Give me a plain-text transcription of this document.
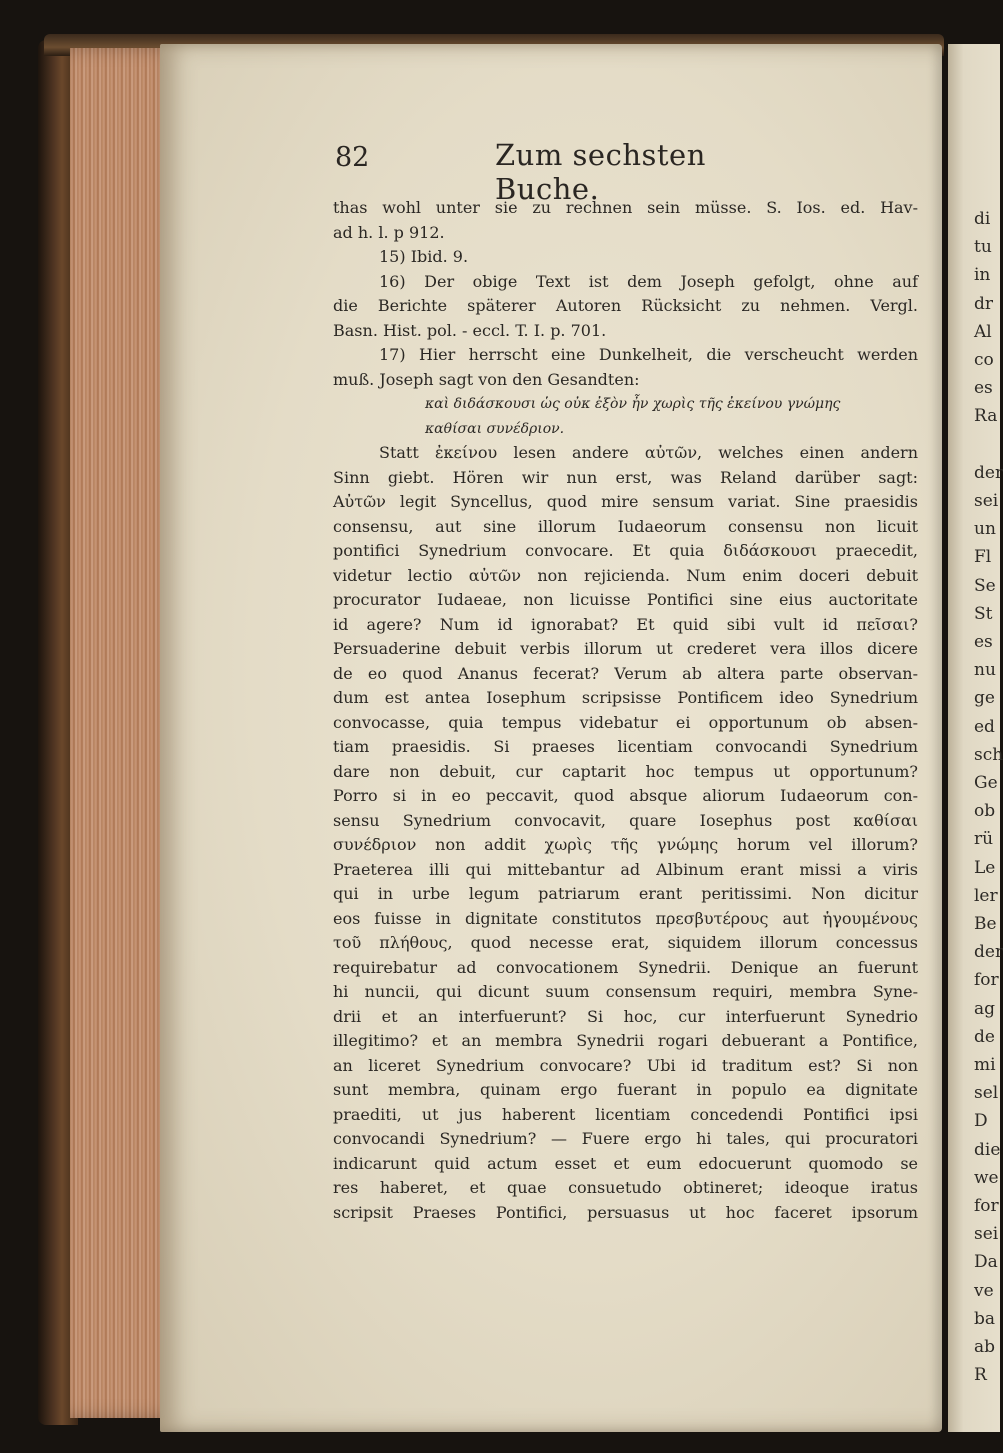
di
tu
in
dr
Al
co
es
Ra
der
sei
un
Fl
Se
St
es
nu
ge
ed
sch
Ge
ob
rü
Le
ler
Be
der
for
ag
de
mi
sel
D
die
we
for
sei
Da
ve
ba
ab
R
82	Zum sechsten Buche.
thas wohl unter sie zu rechnen sein müsse. S. Ios. ed. Hav-
ad h. l. p 912.
15) Ibid. 9.
16) Der obige Text ist dem Joseph gefolgt, ohne auf
die Berichte späterer Autoren Rücksicht zu nehmen. Vergl.
Basn. Hist. pol. - eccl. T. I. p. 701.
17) Hier herrscht eine Dunkelheit, die verscheucht werden
muß. Joseph sagt von den Gesandten:
καὶ διδάσκουσι ὡς οὐκ ἐξὸν ἦν χωρὶς τῆς ἐκείνου γνώμης
καθίσαι συνέδριον.
Statt ἐκείνου lesen andere αὐτῶν, welches einen andern
Sinn giebt. Hören wir nun erst, was Reland darüber sagt:
Αὐτῶν legit Syncellus, quod mire sensum variat. Sine praesidis
consensu, aut sine illorum Iudaeorum consensu non licuit
pontifici Synedrium convocare. Et quia διδάσκουσι praecedit,
videtur lectio αὐτῶν non rejicienda. Num enim doceri debuit
procurator Iudaeae, non licuisse Pontifici sine eius auctoritate
id agere? Num id ignorabat? Et quid sibi vult id πεῖσαι?
Persuaderine debuit verbis illorum ut crederet vera illos dicere
de eo quod Ananus fecerat? Verum ab altera parte observan-
dum est antea Iosephum scripsisse Pontificem ideo Synedrium
convocasse, quia tempus videbatur ei opportunum ob absen-
tiam praesidis. Si praeses licentiam convocandi Synedrium
dare non debuit, cur captarit hoc tempus ut opportunum?
Porro si in eo peccavit, quod absque aliorum Iudaeorum con-
sensu Synedrium convocavit, quare Iosephus post καθίσαι
συνέδριον non addit χωρὶς τῆς γνώμης horum vel illorum?
Praeterea illi qui mittebantur ad Albinum erant missi a viris
qui in urbe legum patriarum erant peritissimi. Non dicitur
eos fuisse in dignitate constitutos πρεσβυτέρους aut ἡγουμένους
τοῦ πλήθους, quod necesse erat, siquidem illorum concessus
requirebatur ad convocationem Synedrii. Denique an fuerunt
hi nuncii, qui dicunt suum consensum requiri, membra Syne-
drii et an interfuerunt? Si hoc, cur interfuerunt Synedrio
illegitimo? et an membra Synedrii rogari debuerant a Pontifice,
an liceret Synedrium convocare? Ubi id traditum est? Si non
sunt membra, quinam ergo fuerant in populo ea dignitate
praediti, ut jus haberent licentiam concedendi Pontifici ipsi
convocandi Synedrium? — Fuere ergo hi tales, qui procuratori
indicarunt quid actum esset et eum edocuerunt quomodo se
res haberet, et quae consuetudo obtineret; ideoque iratus
scripsit Praeses Pontifici, persuasus ut hoc faceret ipsorum
